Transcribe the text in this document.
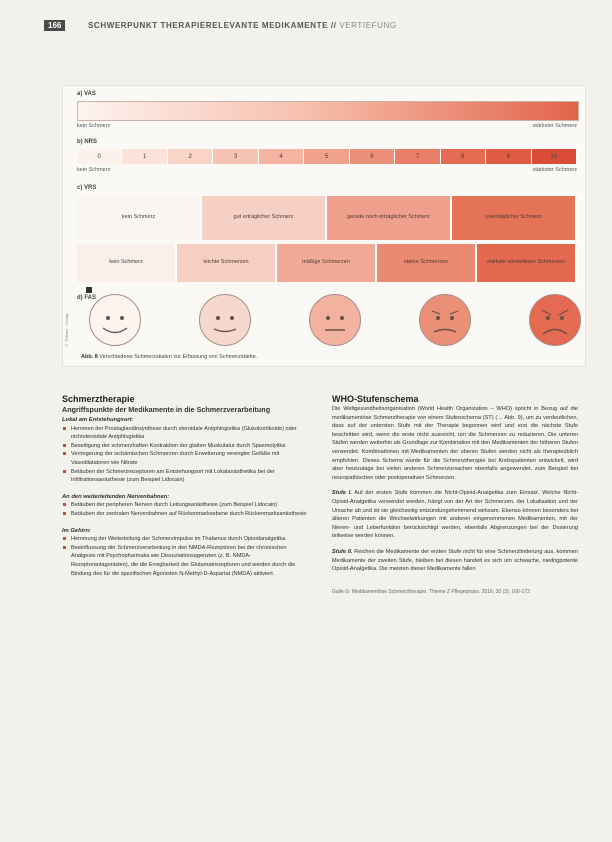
166	SCHWERPUNKT THERAPIERELEVANTE MEDIKAMENTE // VERTIEFUNG
a) VAS
kein Schmerz	stärkster Schmerz
b) NRS
0	1	2	3	4	5	6	7	8	9	10
kein Schmerz	stärkster Schmerz
c) VRS
kein Schmerz	gut erträglicher Schmerz	gerade noch erträglicher Schmerz	unerträglicher Schmerz
kein Schmerz	leichte Schmerzen	mäßige Schmerzen	starke Schmerzen	stärkste vorstellbare Schmerzen
d) FAS
© Thieme · Verlag
Abb. 8 Verschiedene Schmerzskalen zur Erfassung von Schmerzstärke.
Schmerztherapie
Angriffspunkte der Medikamente in die Schmerzverarbeitung
Lokal am Entstehungsort:
Hemmen der Prostaglandinsynthese durch steroidale Antiphlogistika (Glukokortikoide) oder nichtsteroidale Antiphlogistika
Beseitigung der schmerzhaften Kontraktion der glatten Muskulatur durch Spasmolytika
Verringerung der ischämischen Schmerzen durch Erweiterung verengter Gefäße mit Vasodilatatoren wie Nitrate
Betäuben der Schmerzrezeptoren am Entstehungsort mit Lokalanästhetika bei der Infiltrationsanästhesie (zum Beispiel Lidocain)
An den weiterleitenden Nervenbahnen:
Betäuben der peripheren Nerven durch Leitungsanästhesie (zum Beispiel Lidocain)
Betäuben der zentralen Nervenbahnen auf Rückenmarksebene durch Rückenmarksanästhesie
Im Gehirn:
Hemmung der Weiterleitung der Schmerzimpulse im Thalamus durch Opioidanalgetika
Beeinflussung der Schmerzverarbeitung in den NMDA-Rezeptoren bei der chronischen Analgesie mit Psychopharmaka wie Dissoziationsagenzien (z. B. NMDA-Rezeptorantagonisten), die die Erregbarkeit der Glutamatrezeptoren und werden durch die Bindung des für die spezifischen Agonisten N-Methyl-D-Aspartat (NMDA) aktiviert.
WHO-Stufenschema

Die Weltgesundheitsorganisation (World Health Organization – WHO) spricht in Bezug auf die medikamentöse Schmerztherapie von einem Stufenschema (ST) (→ Abb. 9), um zu verdeutlichen, dass auf der untersten Stufe mit der Therapie begonnen wird und erst die nächste Stufe beschritten wird, wenn die erste nicht ausreicht, um die Schmerzen zu reduzieren. Die unteren Stufen werden weiterhin als Grundlage zur Kombination mit den Medikamenten der höheren Stufen verwendet. Kombinationen mit Medikamenten der oberen Stufen werden nicht als therapieüblich empfohlen. Dieses Schema wurde für die Schmerztherapie bei Krebspatienten entwickelt, wird aber heutzutage bei vielen anderen Schmerzursachen ebenfalls angewendet, zum Beispiel bei neuropathischen oder postoperativen Schmerzen.

Stufe I. Auf der ersten Stufe kommen die Nicht-Opioid-Analgetika zum Einsatz. Welche Nicht-Opioid-Analgetika verwendet werden, hängt von der Art der Schmerzen, der Lokalisation und der Ursache ab und ist sie gleichzeitig entzündungshemmend wirksam. Ebenso können besonders bei älteren Patienten die Wechselwirkungen mit anderen eingenommenen Medikamenten, mit der Nieren- und Leberfunktion berücksichtigt werden, ebenfalls Abgrenzungen bei der Dosierung teilweise werden können.

Stufe II. Reichen die Medikamente der ersten Stufe nicht für eine Schmerzlinderung aus, kommen Medikamente der zweiten Stufe, bleiben bei diesen handelt es sich um schwache, niedrigpotente Opioid-Analgetika. Die meisten dieser Medikamente fallen

Galle G: Medikamentöse Schmerztherapie. Thieme Z Pflegepraxis. 2016; 30 (3): 166-173
